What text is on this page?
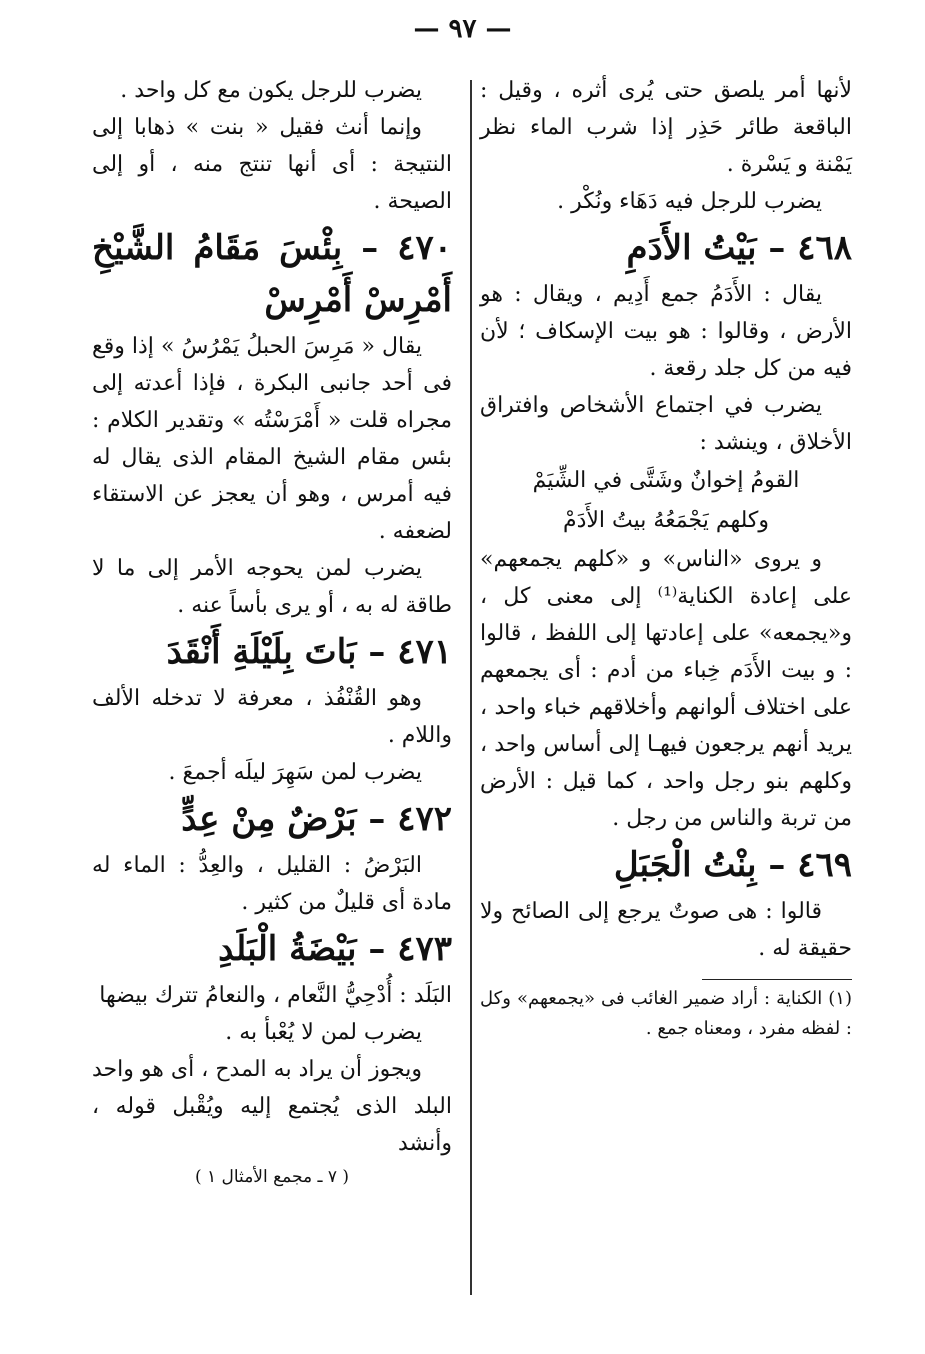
— ٩٧ —

لأنها أمر يلصق حتى يُرى أثره ، وقيل : الباقعة طائر حَذِر إذا شرب الماء نظر يَمْنة و يَسْرة .

يضرب للرجل فيه دَهَاء ونُكْر .

٤٦٨ – بَيْتُ الأَدَمِ

يقال : الأَدَمُ جمع أَدِيم ، ويقال : هو الأرض ، وقالوا : هو بيت الإسكاف ؛ لأن فيه من كل جلد رقعة .

يضرب في اجتماع الأشخاص وافتراق الأخلاق ، وينشد :

القومُ إخوانٌ وشَتَّى في الشِّيَمْ

وكلهم يَجْمَعُهُ بيتُ الأَدَمْ

و يروى «الناس» و «كلهم يجمعهم» على إعادة الكناية⁽¹⁾ إلى معنى كل ، و«يجمعه» على إعادتها إلى اللفظ ، قالوا : و بيت الأَدَم خِباء من أدم : أى يجمعهم على اختلاف ألوانهم وأخلاقهم خباء واحد ، يريد أنهم يرجعون فيهـا إلى أساس واحد ، وكلهم بنو رجل واحد ، كما قيل : الأرض من تربة والناس من رجل .

٤٦٩ – بِنْتُ الْجَبَلِ

قالوا : هى صوتٌ يرجع إلى الصائح ولا حقيقة له .

(١) الكناية : أراد ضمير الغائب فى «يجمعهم» وكل : لفظه مفرد ، ومعناه جمع .

يضرب للرجل يكون مع كل واحد .

وإنما أنث فقيل « بنت » ذهابا إلى النتيجة : أى أنها تنتج منه ، أو إلى الصيحة .

٤٧٠ – بِئْسَ مَقَامُ الشَّيْخِ أَمْرِسْ أَمْرِسْ

يقال « مَرِسَ الحبلُ يَمْرُسُ » إذا وقع فى أحد جانبى البكرة ، فإذا أعدته إلى مجراه قلت « أَمْرَسْتُه » وتقدير الكلام : بئس مقام الشيخ المقام الذى يقال له فيه أمرس ، وهو أن يعجز عن الاستقاء لضعفه .

يضرب لمن يحوجه الأمر إلى ما لا طاقة له به ، أو يرى بأساً عنه .

٤٧١ – بَاتَ بِلَيْلَةِ أَنْقَدَ

وهو القُنْفُذ ، معرفة لا تدخله الألف واللام .

يضرب لمن سَهِرَ ليلَه أجمعَ .

٤٧٢ – بَرْضٌ مِنْ عِدٍّ

البَرْضُ : القليل ، والعِدُّ : الماء له مادة أى قليلٌ من كثير .

٤٧٣ – بَيْضَةُ الْبَلَدِ

البَلَد : أُدْحِيُّ النَّعام ، والنعامُ تترك بيضها

يضرب لمن لا يُعْبأ به .

ويجوز أن يراد به المدح ، أى هو واحد البلد الذى يُجتمع إليه ويُقْبل قوله ، وأنشد

( ٧ ـ مجمع الأمثال ١ )
